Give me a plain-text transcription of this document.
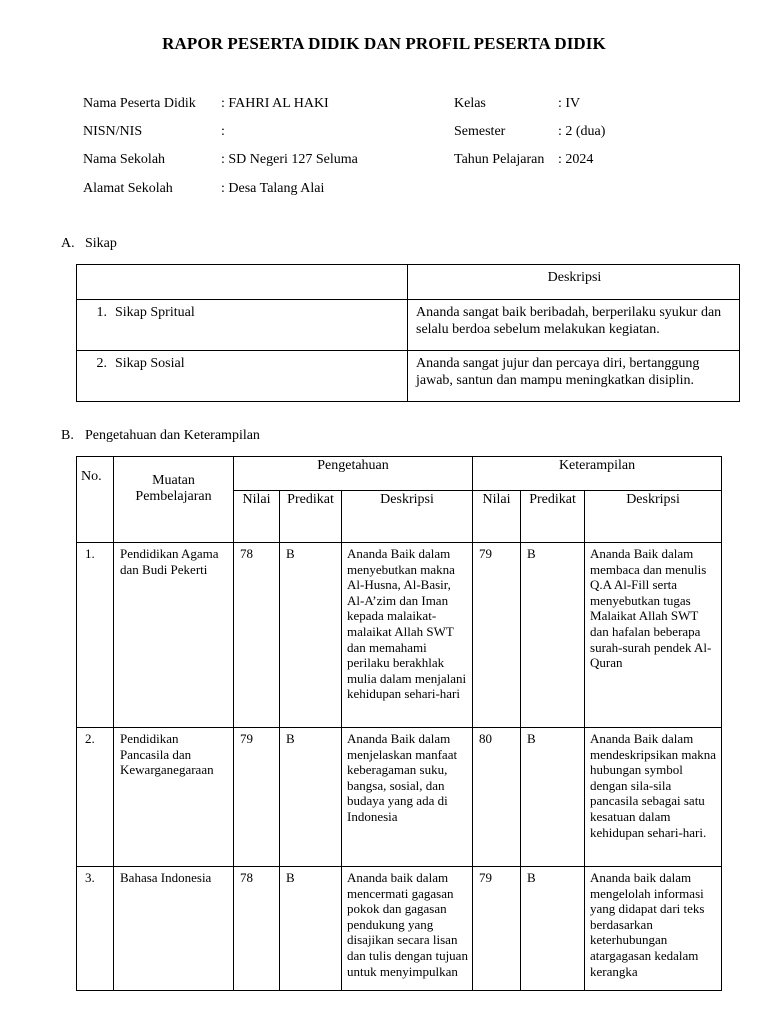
RAPOR PESERTA DIDIK DAN PROFIL PESERTA DIDIK
Nama Peserta Didik : FAHRI AL HAKI
NISN/NIS	:
Nama Sekolah	: SD Negeri 127 Seluma
Alamat Sekolah	: Desa Talang Alai
Kelas	: IV
Semester	: 2 (dua)
Tahun Pelajaran : 2024
A. Sikap
	Deskripsi
1. Sikap Spritual	Ananda sangat baik beribadah, berperilaku syukur dan selalu berdoa sebelum melakukan kegiatan.
2. Sikap Sosial	Ananda sangat jujur dan percaya diri, bertanggung jawab, santun dan mampu meningkatkan disiplin.
B. Pengetahuan dan Keterampilan
No.	Muatan Pembelajaran	Pengetahuan			Keterampilan		
		Nilai	Predikat	Deskripsi	Nilai	Predikat	Deskripsi
1.	Pendidikan Agama dan Budi Pekerti	78	B	Ananda Baik dalam menyebutkan makna Al-Husna, Al-Basir, Al-A’zim dan Iman kepada malaikat-malaikat Allah SWT dan memahami perilaku berakhlak mulia dalam menjalani kehidupan sehari-hari	79	B	Ananda Baik dalam membaca dan menulis Q.A Al-Fill serta menyebutkan tugas Malaikat Allah SWT dan hafalan beberapa surah-surah pendek Al-Quran
2.	Pendidikan Pancasila dan Kewarganegaraan	79	B	Ananda Baik dalam menjelaskan manfaat keberagaman suku, bangsa, sosial, dan budaya yang ada di Indonesia	80	B	Ananda Baik dalam mendeskripsikan makna hubungan symbol dengan sila-sila pancasila sebagai satu kesatuan dalam kehidupan sehari-hari.
3.	Bahasa Indonesia	78	B	Ananda baik dalam mencermati gagasan pokok dan gagasan pendukung yang disajikan secara lisan dan tulis dengan tujuan untuk menyimpulkan	79	B	Ananda baik dalam mengelolah informasi yang didapat dari teks berdasarkan keterhubungan atargagasan kedalam kerangka
